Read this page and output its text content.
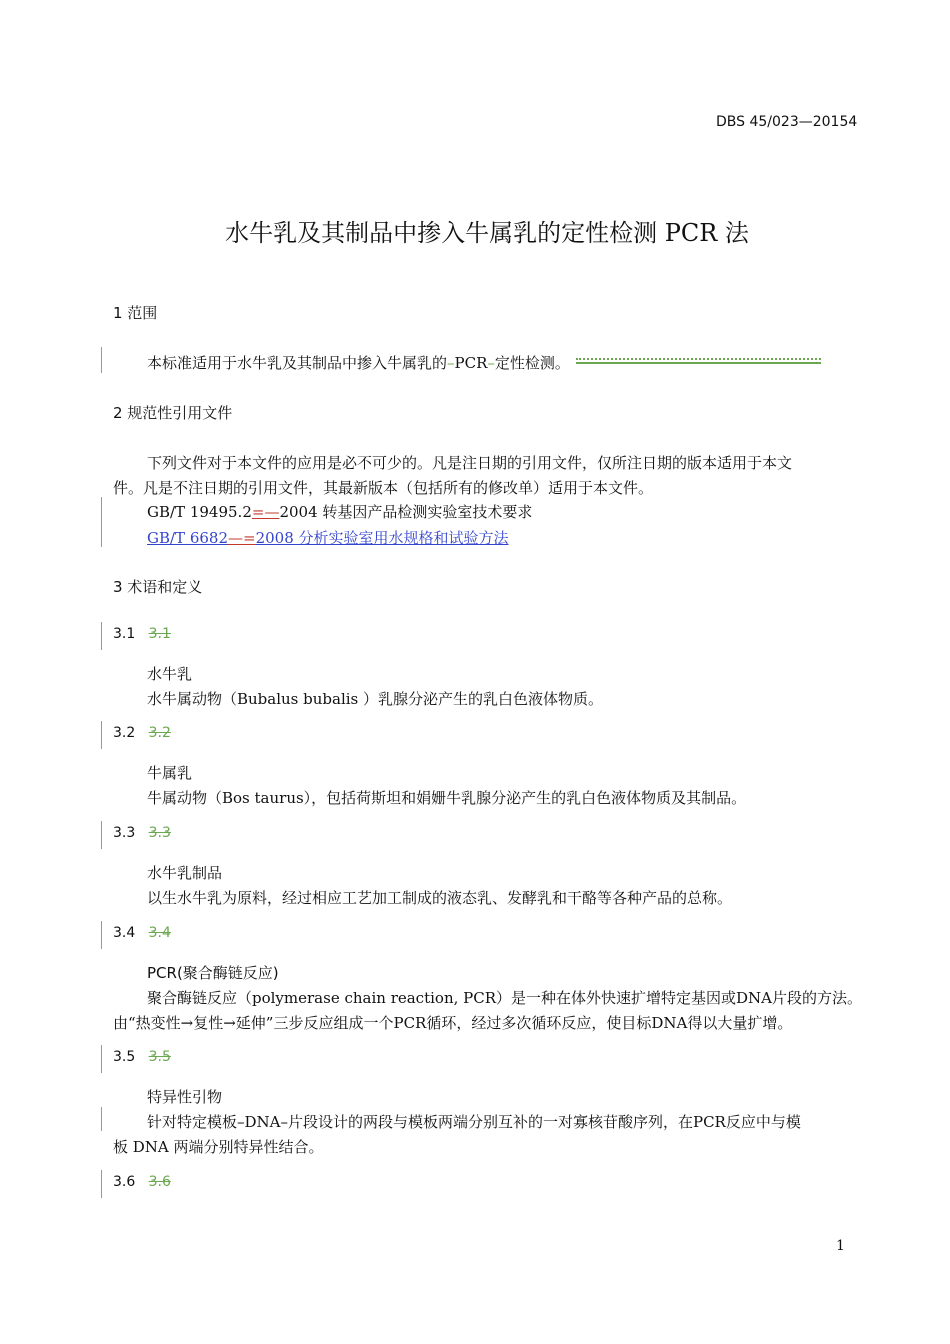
DBS 45/023—20154
水牛乳及其制品中掺入牛属乳的定性检测 PCR 法
1 范围
本标准适用于水牛乳及其制品中掺入牛属乳的–PCR–定性检测。
2 规范性引用文件
下列文件对于本文件的应用是必不可少的。凡是注日期的引用文件，仅所注日期的版本适用于本文
件。凡是不注日期的引用文件，其最新版本（包括所有的修改单）适用于本文件。
GB/T 19495.2=—2004 转基因产品检测实验室技术要求
GB/T 6682—=2008 分析实验室用水规格和试验方法
3 术语和定义
3.1 3.1
水牛乳
水牛属动物（Bubalus bubalis ）乳腺分泌产生的乳白色液体物质。
3.2 3.2
牛属乳
牛属动物（Bos taurus），包括荷斯坦和娟姗牛乳腺分泌产生的乳白色液体物质及其制品。
3.3 3.3
水牛乳制品
以生水牛乳为原料，经过相应工艺加工制成的液态乳、发酵乳和干酪等各种产品的总称。
3.4 3.4
PCR(聚合酶链反应)
聚合酶链反应（polymerase chain reaction, PCR）是一种在体外快速扩增特定基因或DNA片段的方法。
由“热变性→复性→延伸”三步反应组成一个PCR循环，经过多次循环反应，使目标DNA得以大量扩增。
3.5 3.5
特异性引物
针对特定模板–DNA–片段设计的两段与模板两端分别互补的一对寡核苷酸序列，在PCR反应中与模
板 DNA 两端分别特异性结合。
3.6 3.6
1
